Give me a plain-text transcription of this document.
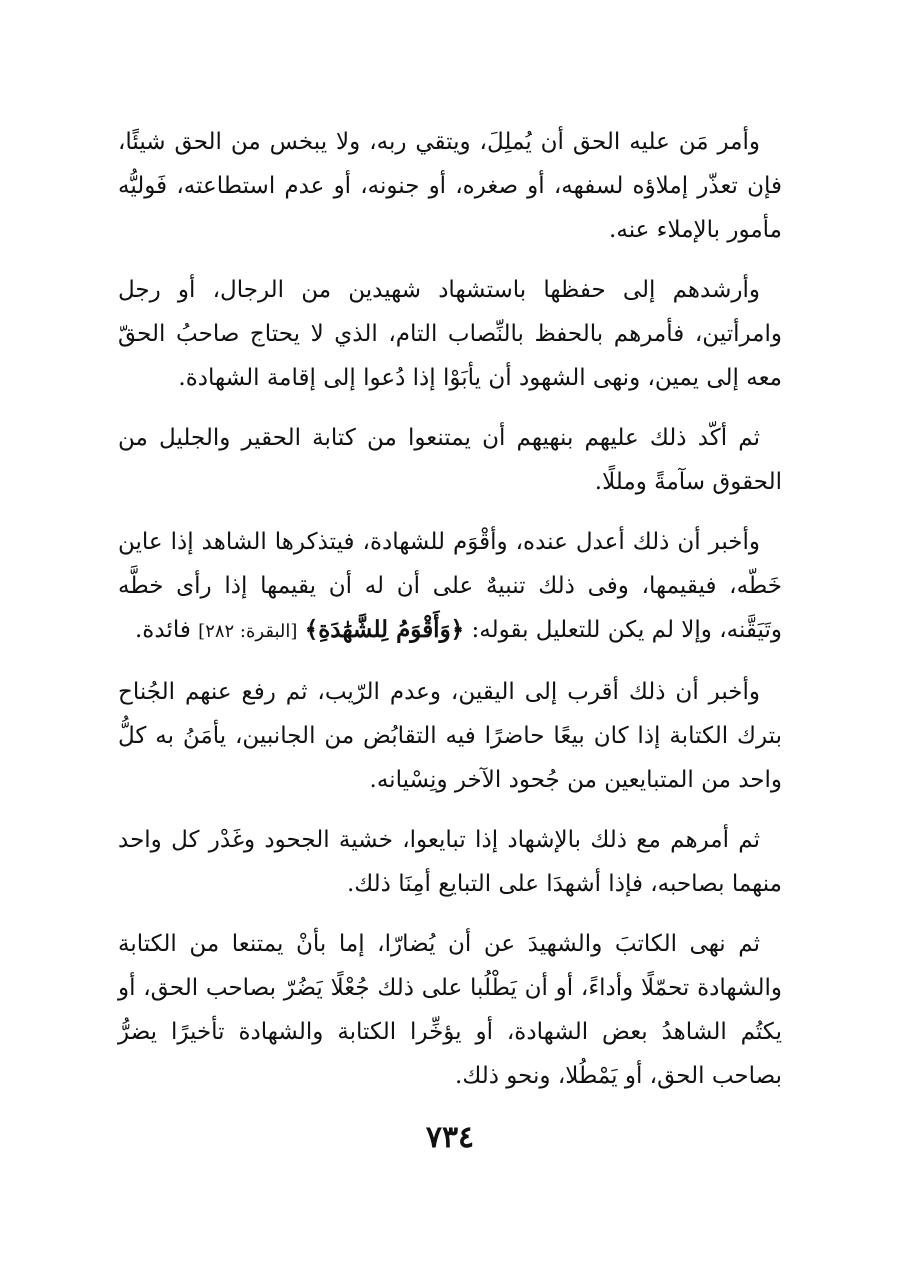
وأمر مَن عليه الحق أن يُملِلَ، ويتقي ربه، ولا يبخس من الحق شيئًا، فإن تعذّر إملاؤه لسفهه، أو صغره، أو جنونه، أو عدم استطاعته، فَوليُّه مأمور بالإملاء عنه.

وأرشدهم إلى حفظها باستشهاد شهيدين من الرجال، أو رجل وامرأتين، فأمرهم بالحفظ بالنِّصاب التام، الذي لا يحتاج صاحبُ الحقّ معه إلى يمين، ونهى الشهود أن يأبَوْا إذا دُعوا إلى إقامة الشهادة.

ثم أكّد ذلك عليهم بنهيهم أن يمتنعوا من كتابة الحقير والجليل من الحقوق سآمةً ومللًا.

وأخبر أن ذلك أعدل عنده، وأقْوَم للشهادة، فيتذكرها الشاهد إذا عاين خَطّه، فيقيمها، وفى ذلك تنبيهٌ على أن له أن يقيمها إذا رأى خطَّه وتَيَقَّنه، وإلا لم يكن للتعليل بقوله: ﴿وَأَقْوَمُ لِلشَّهَٰدَةِ﴾ [البقرة: ٢٨٢] فائدة.

وأخبر أن ذلك أقرب إلى اليقين، وعدم الرّيب، ثم رفع عنهم الجُناح بترك الكتابة إذا كان بيعًا حاضرًا فيه التقابُض من الجانبين، يأمَنُ به كلُّ واحد من المتبايعين من جُحود الآخر ونِسْيانه.

ثم أمرهم مع ذلك بالإشهاد إذا تبايعوا، خشية الجحود وغَدْر كل واحد منهما بصاحبه، فإذا أشهدَا على التبايع أمِنَا ذلك.

ثم نهى الكاتبَ والشهيدَ عن أن يُضارّا، إما بأنْ يمتنعا من الكتابة والشهادة تحمّلًا وأداءً، أو أن يَطْلُبا على ذلك جُعْلًا يَضُرّ بصاحب الحق، أو يكتُم الشاهدُ بعض الشهادة، أو يؤخِّرا الكتابة والشهادة تأخيرًا يضرُّ بصاحب الحق، أو يَمْطُلا، ونحو ذلك.

٧٣٤
